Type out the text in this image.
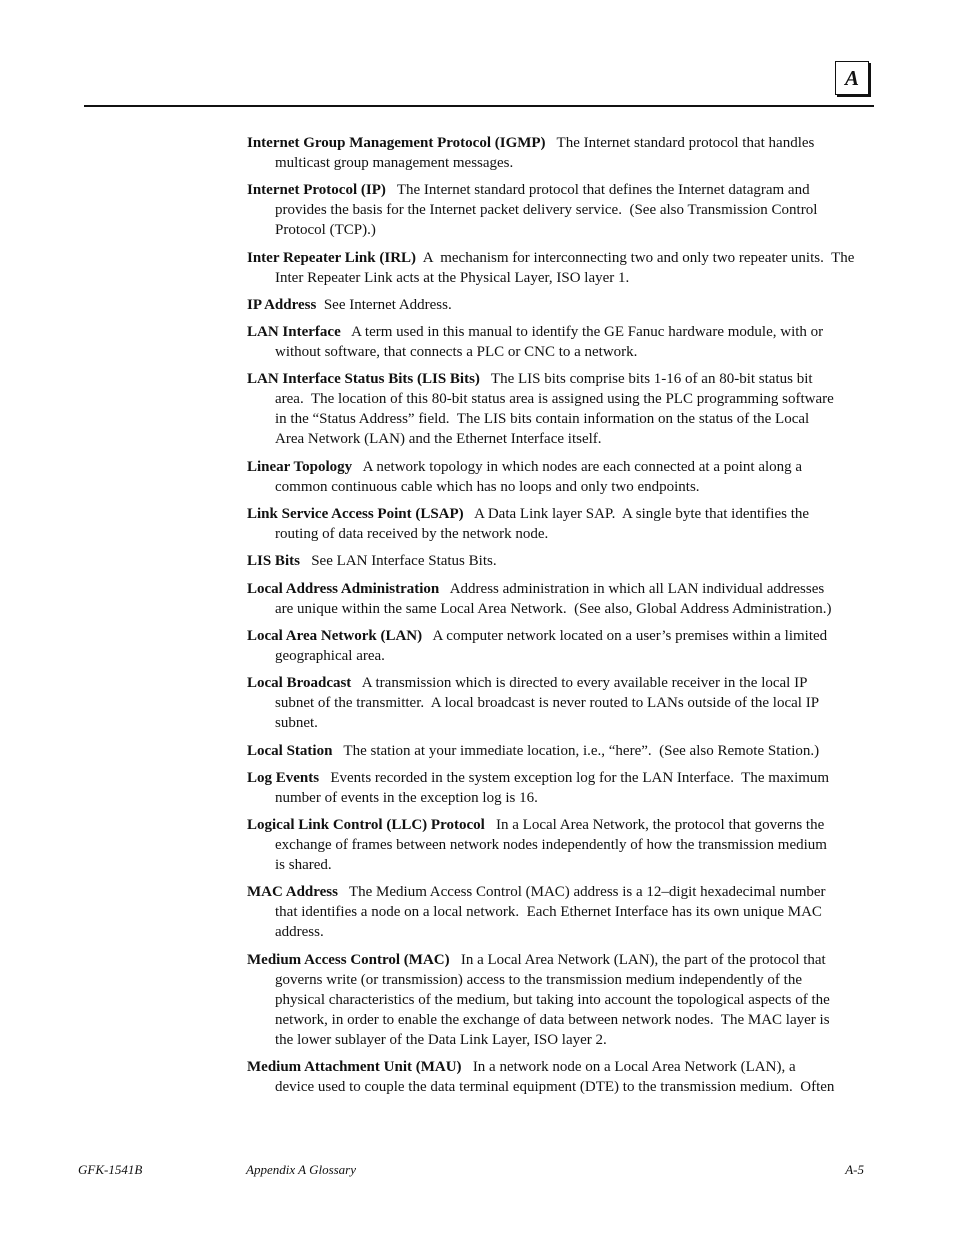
A

Internet Group Management Protocol (IGMP) The Internet standard protocol that handles
multicast group management messages.

Internet Protocol (IP) The Internet standard protocol that defines the Internet datagram and
provides the basis for the Internet packet delivery service.  (See also Transmission Control
Protocol (TCP).)

Inter Repeater Link (IRL) A  mechanism for interconnecting two and only two repeater units.  The
Inter Repeater Link acts at the Physical Layer, ISO layer 1.

IP Address See Internet Address.

LAN Interface A term used in this manual to identify the GE Fanuc hardware module, with or
without software, that connects a PLC or CNC to a network.

LAN Interface Status Bits (LIS Bits) The LIS bits comprise bits 1-16 of an 80-bit status bit
area.  The location of this 80-bit status area is assigned using the PLC programming software
in the “Status Address” field.  The LIS bits contain information on the status of the Local
Area Network (LAN) and the Ethernet Interface itself.

Linear Topology A network topology in which nodes are each connected at a point along a
common continuous cable which has no loops and only two endpoints.

Link Service Access Point (LSAP) A Data Link layer SAP.  A single byte that identifies the
routing of data received by the network node.

LIS Bits See LAN Interface Status Bits.

Local Address Administration Address administration in which all LAN individual addresses
are unique within the same Local Area Network.  (See also, Global Address Administration.)

Local Area Network (LAN) A computer network located on a user’s premises within a limited
geographical area.

Local Broadcast A transmission which is directed to every available receiver in the local IP
subnet of the transmitter.  A local broadcast is never routed to LANs outside of the local IP
subnet.

Local Station The station at your immediate location, i.e., “here”.  (See also Remote Station.)

Log Events Events recorded in the system exception log for the LAN Interface.  The maximum
number of events in the exception log is 16.

Logical Link Control (LLC) Protocol In a Local Area Network, the protocol that governs the
exchange of frames between network nodes independently of how the transmission medium
is shared.

MAC Address The Medium Access Control (MAC) address is a 12–digit hexadecimal number
that identifies a node on a local network.  Each Ethernet Interface has its own unique MAC
address.

Medium Access Control (MAC) In a Local Area Network (LAN), the part of the protocol that
governs write (or transmission) access to the transmission medium independently of the
physical characteristics of the medium, but taking into account the topological aspects of the
network, in order to enable the exchange of data between network nodes.  The MAC layer is
the lower sublayer of the Data Link Layer, ISO layer 2.

Medium Attachment Unit (MAU) In a network node on a Local Area Network (LAN), a
device used to couple the data terminal equipment (DTE) to the transmission medium.  Often

GFK-1541B	Appendix A Glossary	A-5
